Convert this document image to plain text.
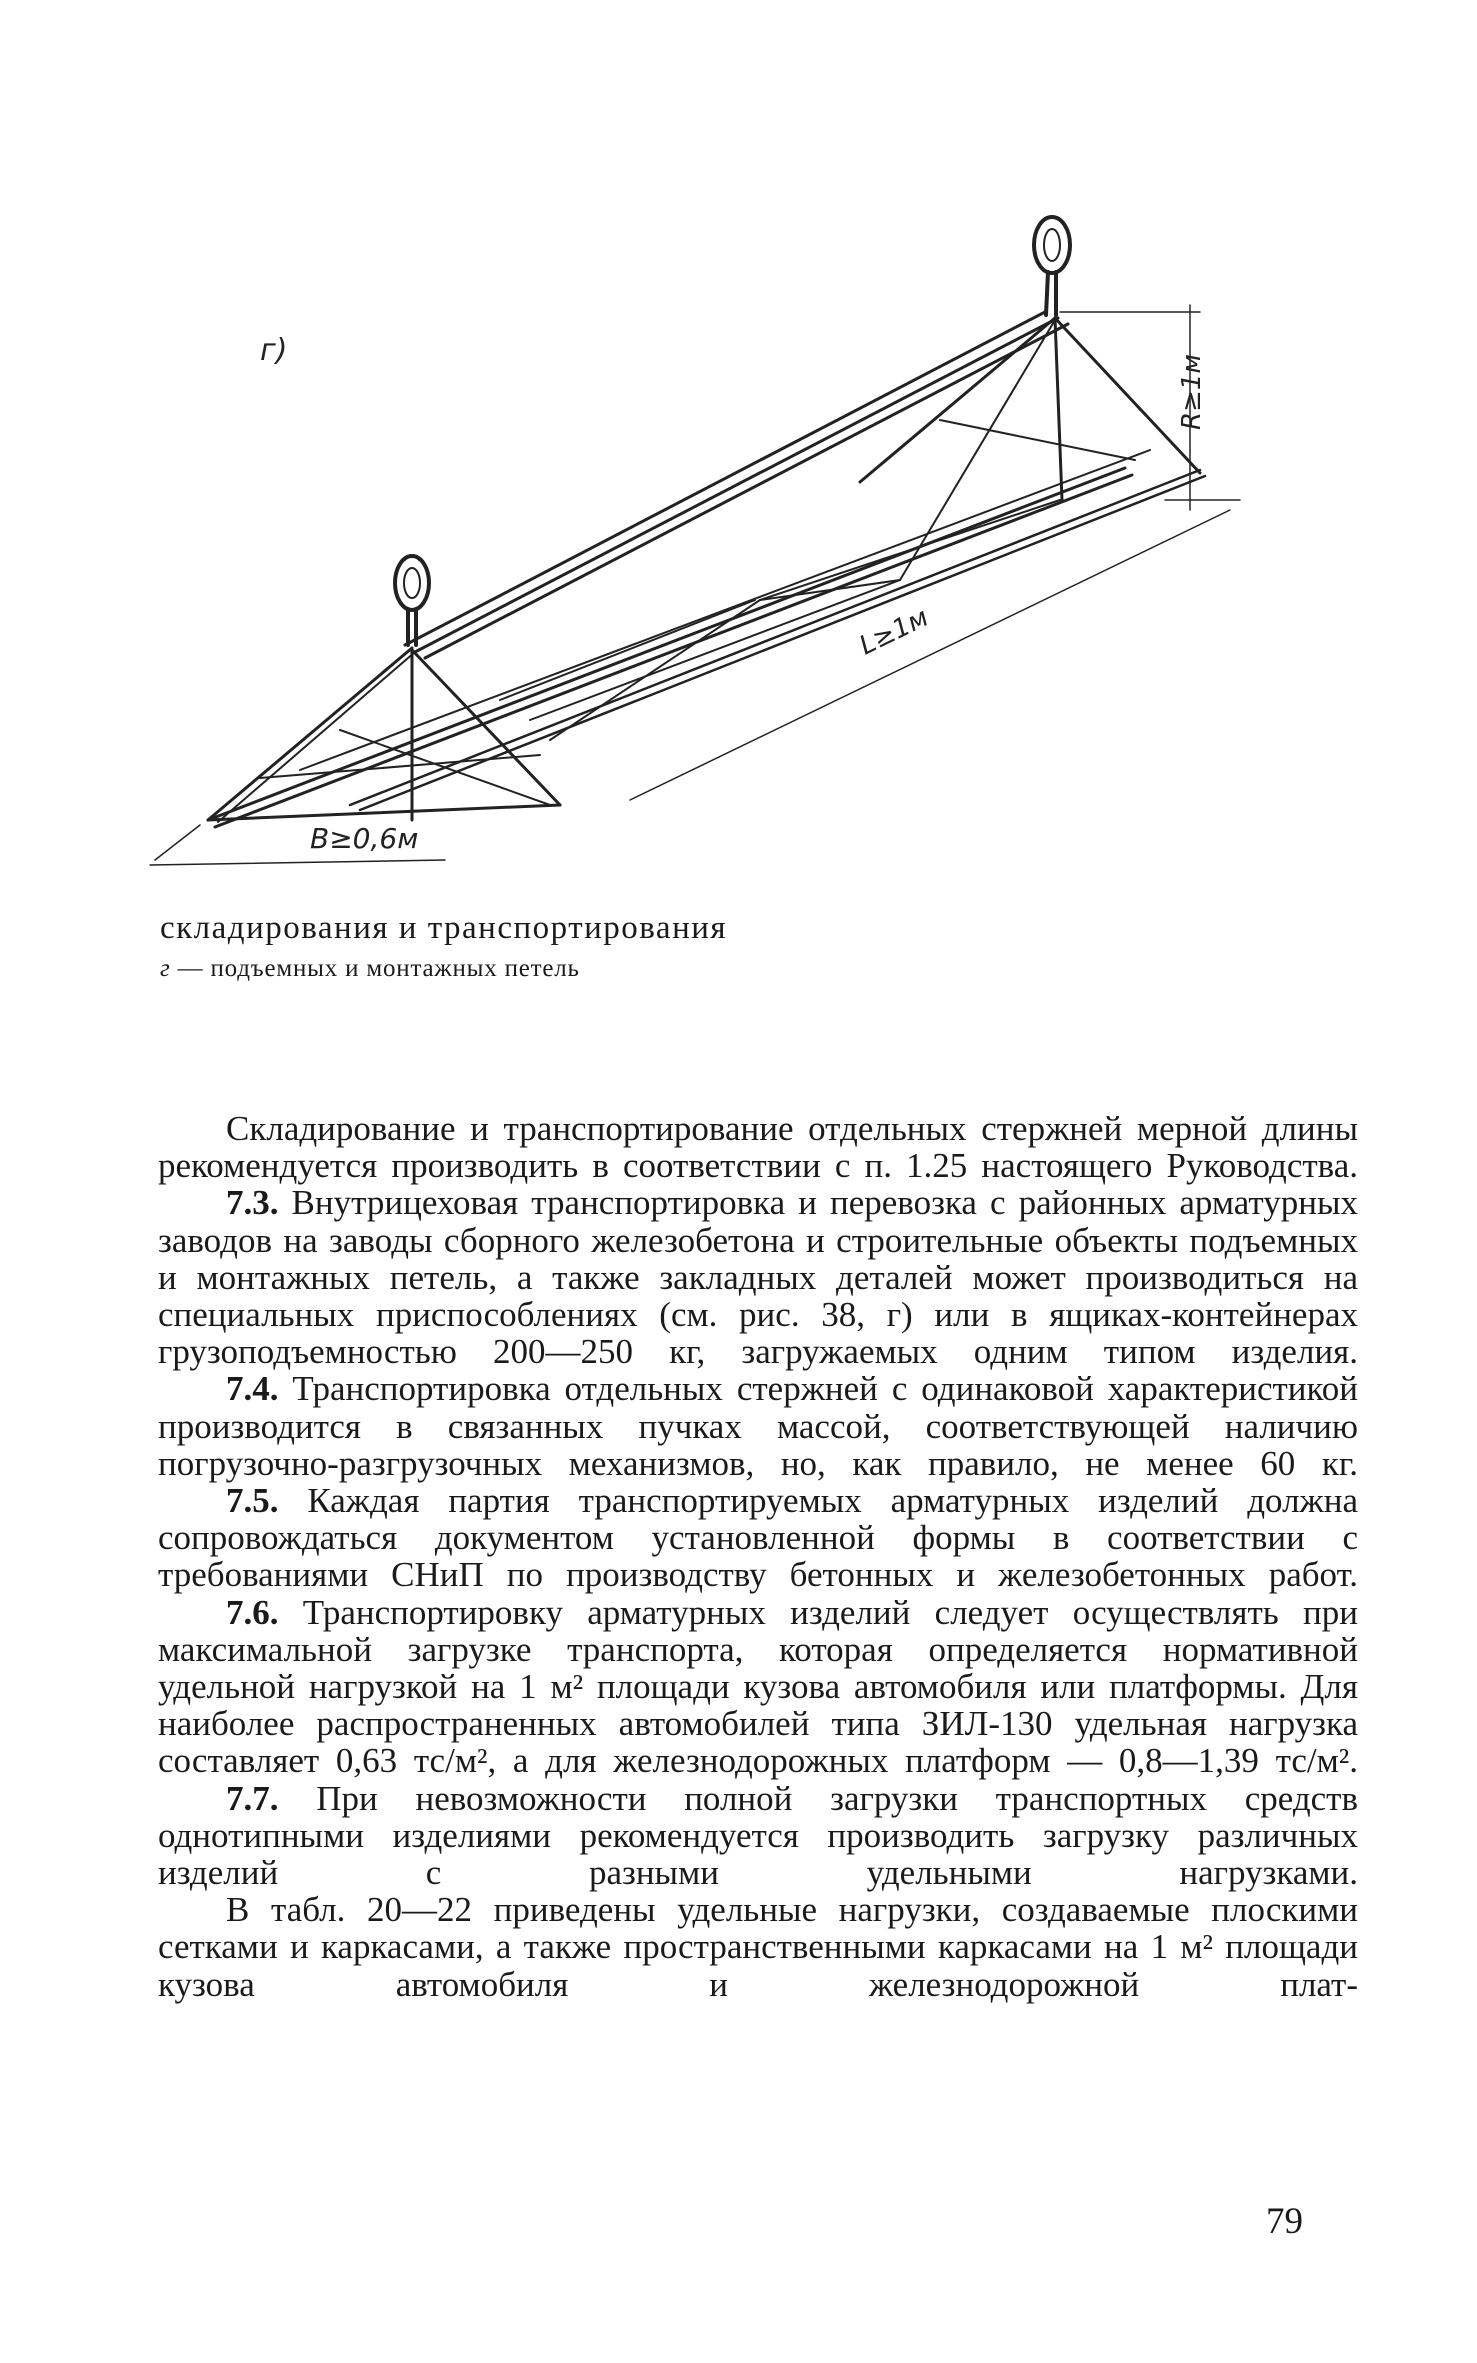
г)
R≥1м
L≥1м
B≥0,6м
складирования и транспортирования
г — подъемных и монтажных петель

Складирование и транспортирование отдельных стержней мерной длины рекомендуется производить в соответствии с п. 1.25 настоящего Руководства.

7.3. Внутрицеховая транспортировка и перевозка с районных арматурных заводов на заводы сборного железобетона и строительные объекты подъемных и монтажных петель, а также закладных деталей может производиться на специальных приспособлениях (см. рис. 38, г) или в ящиках-контейнерах грузоподъемностью 200—250 кг, загружаемых одним типом изделия.

7.4. Транспортировка отдельных стержней с одинаковой характеристикой производится в связанных пучках массой, соответствующей наличию погрузочно-разгрузочных механизмов, но, как правило, не менее 60 кг.

7.5. Каждая партия транспортируемых арматурных изделий должна сопровождаться документом установленной формы в соответствии с требованиями СНиП по производству бетонных и железобетонных работ.

7.6. Транспортировку арматурных изделий следует осуществлять при максимальной загрузке транспорта, которая определяется нормативной удельной нагрузкой на 1 м² площади кузова автомобиля или платформы. Для наиболее распространенных автомобилей типа ЗИЛ-130 удельная нагрузка составляет 0,63 тс/м², а для железнодорожных платформ — 0,8—1,39 тс/м².

7.7. При невозможности полной загрузки транспортных средств однотипными изделиями рекомендуется производить загрузку различных изделий с разными удельными нагрузками.

В табл. 20—22 приведены удельные нагрузки, создаваемые плоскими сетками и каркасами, а также пространственными каркасами на 1 м² площади кузова автомобиля и железнодорожной плат-

79
